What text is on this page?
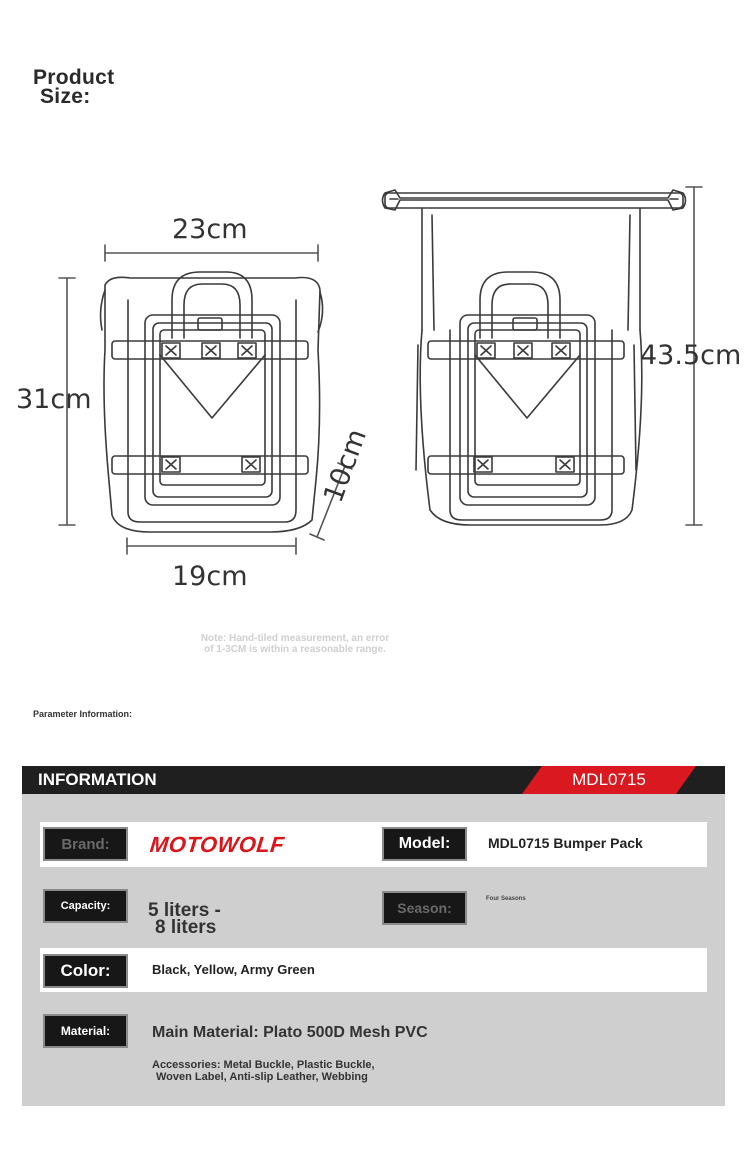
Product
Size:
23cm
31cm
19cm
10cm
43.5cm
Note: Hand-tiled measurement, an error
of 1-3CM is within a reasonable range.
Parameter Information:
INFORMATION	MDL0715
Brand:	MOTOWOLF	Model:	MDL0715 Bumper Pack
Capacity:	5 liters -
8 liters
Season:
Four Seasons
Color:	Black, Yellow, Army Green
Material:	Main Material: Plato 500D Mesh PVC
Accessories: Metal Buckle, Plastic Buckle,
Woven Label, Anti-slip Leather, Webbing
